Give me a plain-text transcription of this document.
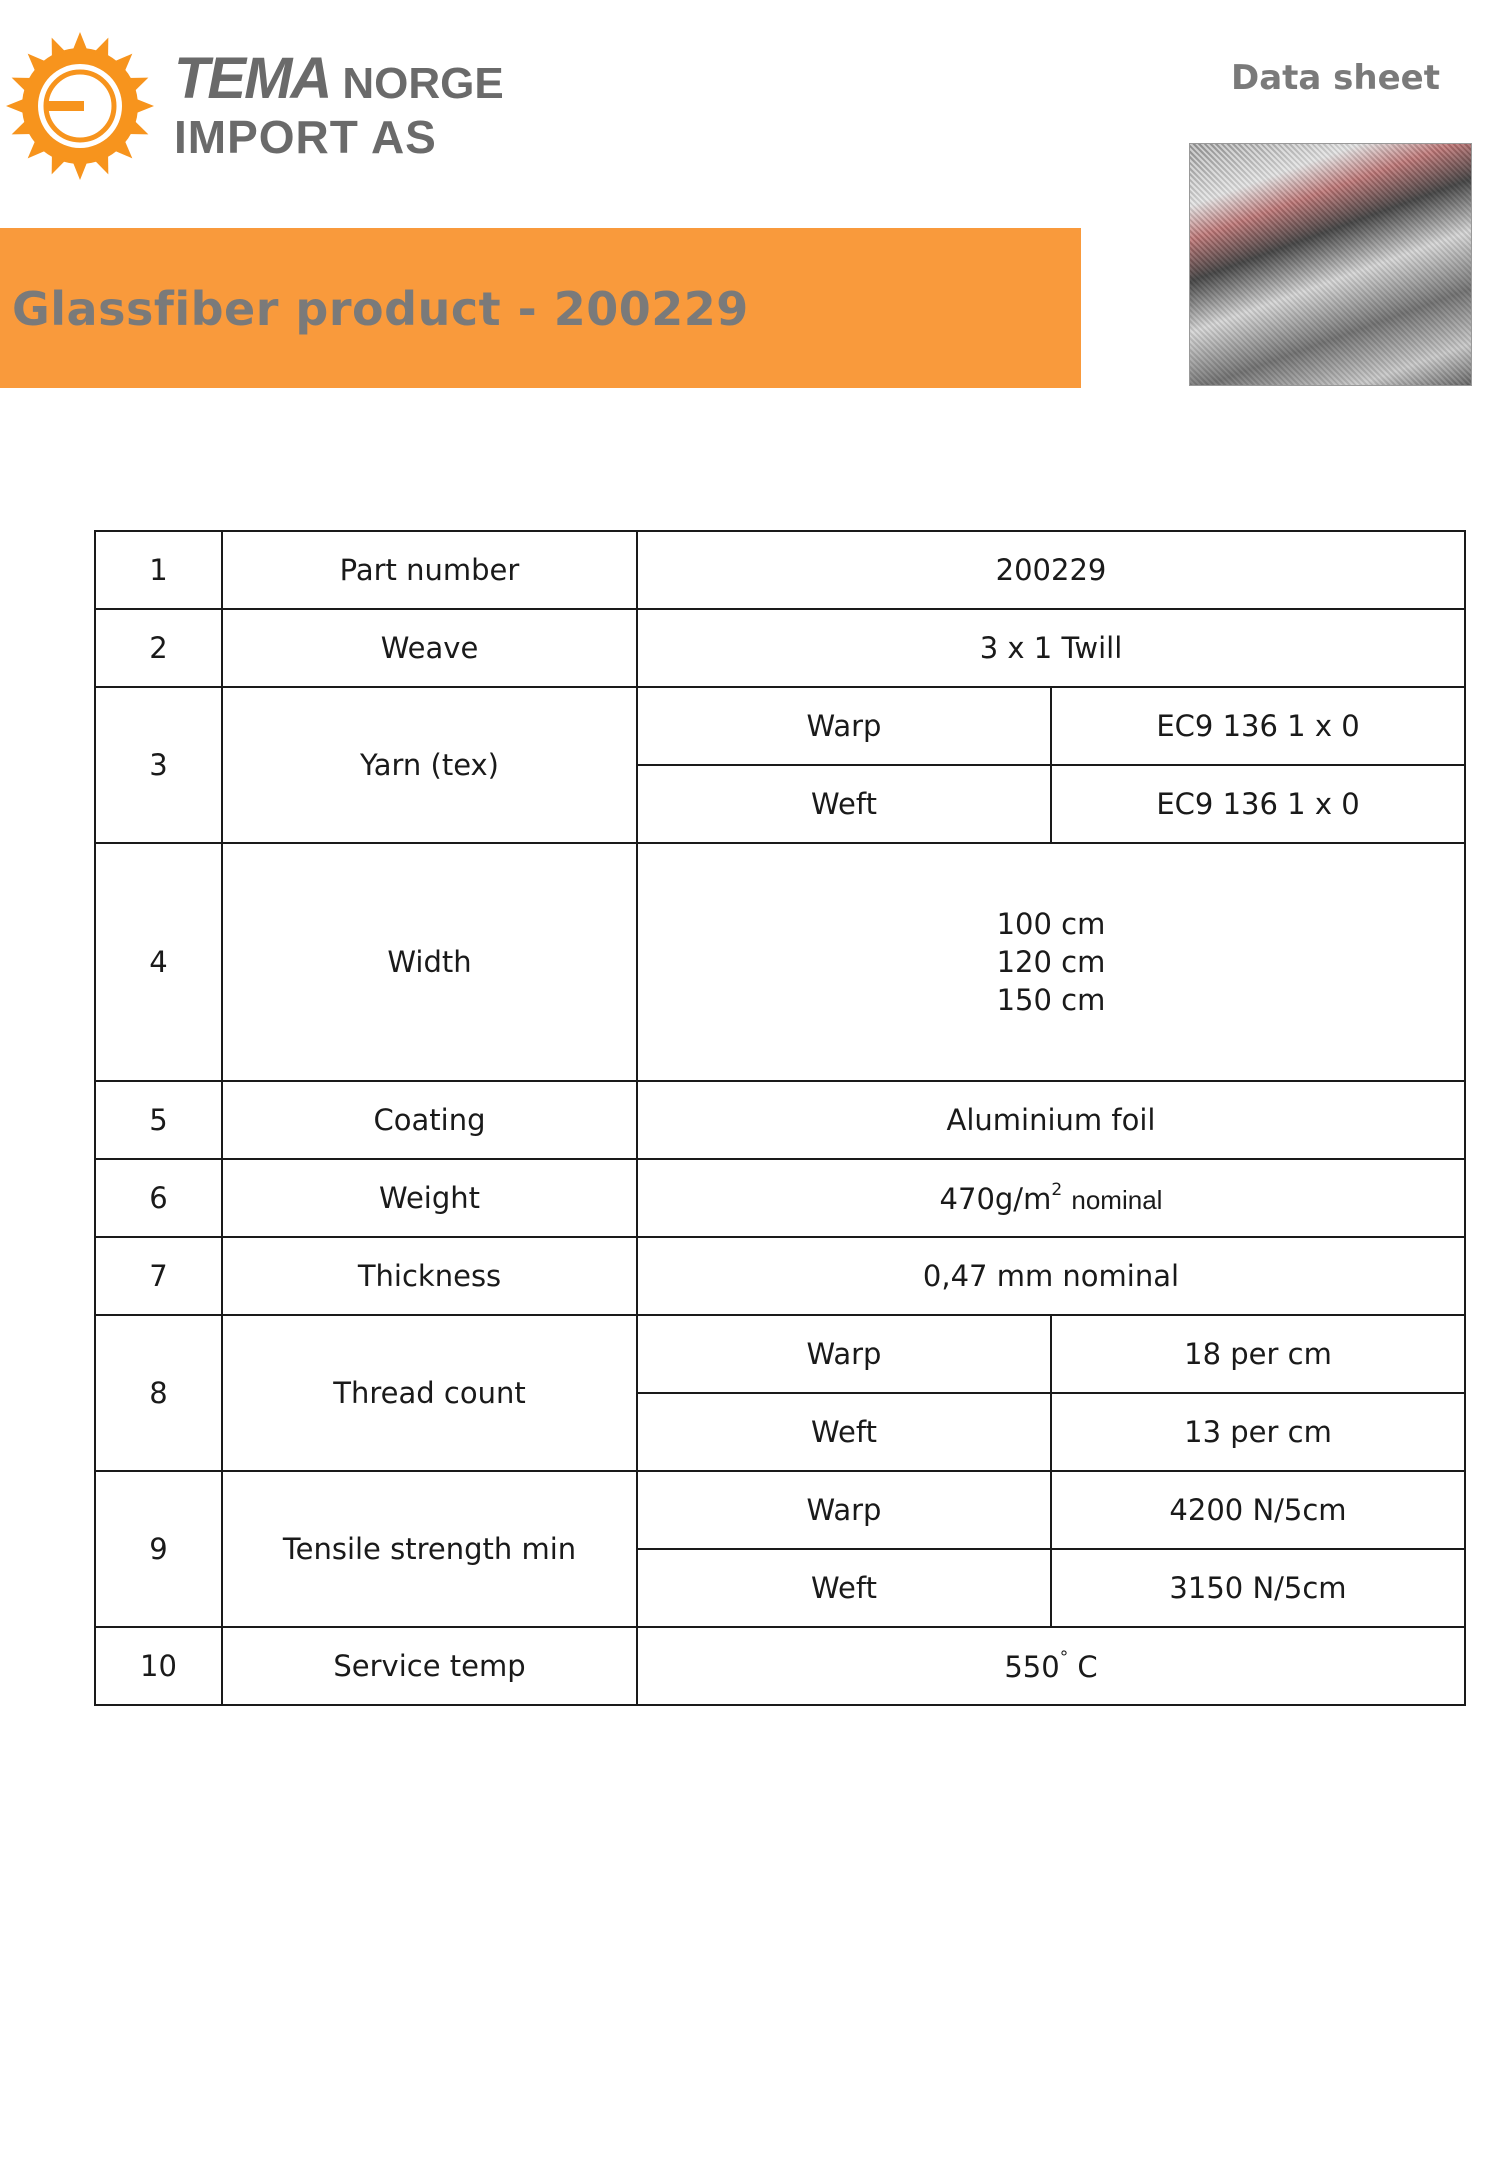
TEMA NORGE
IMPORT AS
Data sheet
Glassfiber product - 200229
1	Part number	200229	
2	Weave	3 x 1 Twill	
3	Yarn (tex)	Warp	EC9 136 1 x 0
		Weft	EC9 136 1 x 0
4	Width	100 cm
120 cm
150 cm	

5	Coating	Aluminium foil	
6	Weight	$470g/m^2$ nominal	
7	Thickness	0,47 mm nominal	
8	Thread count	Warp	18 per cm
		Weft	13 per cm
9	Tensile strength min	Warp	4200 N/5cm
		Weft	3150 N/5cm
10	Service temp	550° C	
